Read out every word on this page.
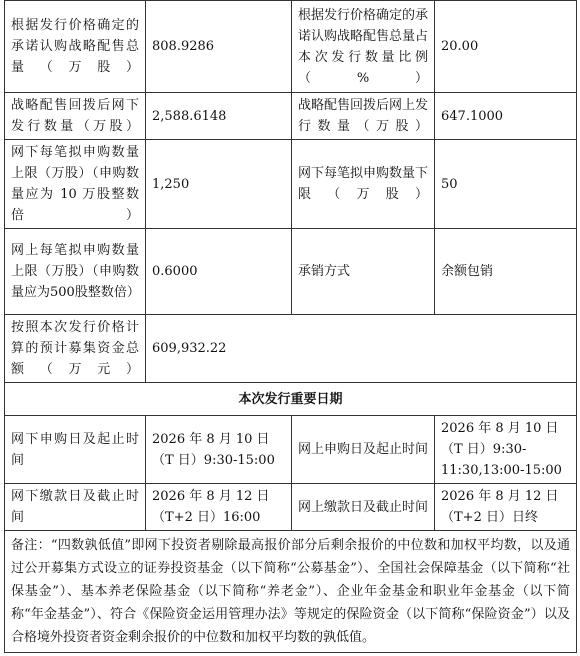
根据发行价格确定的承诺认购战略配售总量（万股）	808.9286	根据发行价格确定的承诺认购战略配售总量占本次发行数量比例（%）	20.00
战略配售回拨后网下发行数量（万股）	2,588.6148	战略配售回拨后网上发行数量（万股）	647.1000
网下每笔拟申购数量上限（万股）（申购数量应为 10 万股整数倍）	1,250	网下每笔拟申购数量下限（万股）	50
网上每笔拟申购数量上限（万股）（申购数量应为500股整数倍）	0.6000	承销方式	余额包销
按照本次发行价格计算的预计募集资金总额（万元）	609,932.22		
本次发行重要日期			
网下申购日及起止时间	2026 年 8 月 10 日（T 日）9:30-15:00	网上申购日及起止时间	2026 年 8 月 10 日（T 日）9:30-11:30,13:00-15:00
网下缴款日及截止时间	2026 年 8 月 12 日（T+2 日）16:00	网上缴款日及截止时间	2026 年 8 月 12 日（T+2 日）日终
备注：“四数孰低值”即网下投资者剔除最高报价部分后剩余报价的中位数和加权平均数，以及通过公开募集方式设立的证券投资基金（以下简称“公募基金”）、全国社会保障基金（以下简称“社保基金”）、基本养老保险基金（以下简称“养老金”）、企业年金基金和职业年金基金（以下简称“年金基金”）、符合《保险资金运用管理办法》等规定的保险资金（以下简称“保险资金”）以及合格境外投资者资金剩余报价的中位数和加权平均数的孰低值。			
